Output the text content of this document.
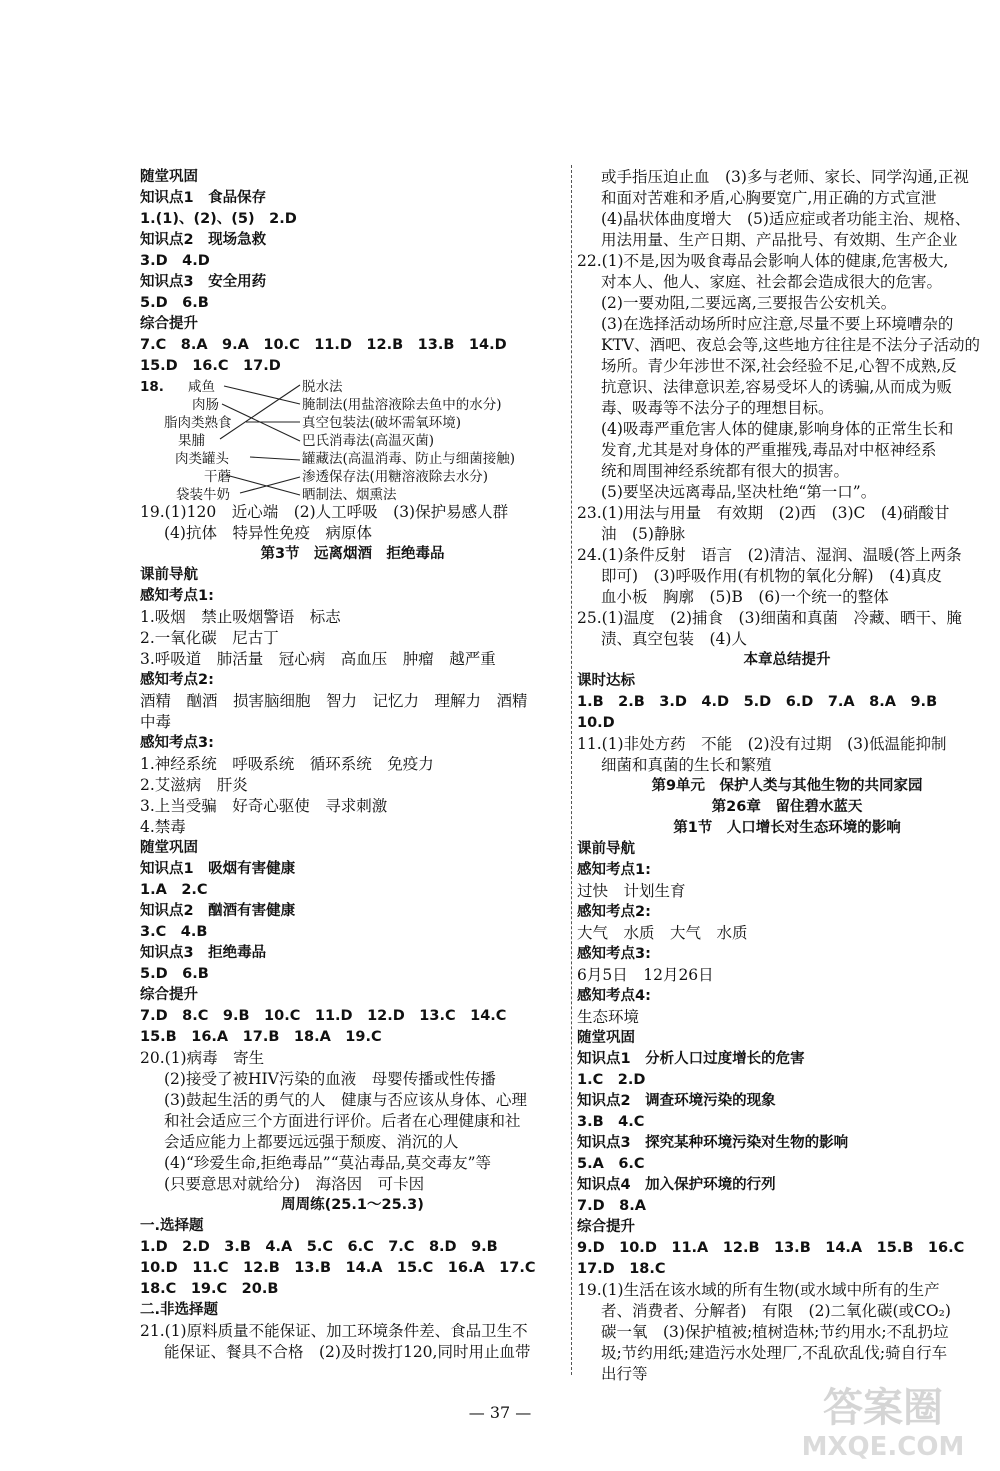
随堂巩固
知识点1　食品保存
1.(1)、(2)、(5)　2.D
知识点2　现场急救
3.D　4.D
知识点3　安全用药
5.D　6.B
综合提升
7.C　8.A　9.A　10.C　11.D　12.B　13.B　14.D
15.D　16.C　17.D
18. 咸鱼
肉肠
脂肉类熟食
果脯
肉类罐头
干蘑
袋装牛奶
脱水法
腌制法(用盐溶液除去鱼中的水分)
真空包装法(破坏需氧环境)
巴氏消毒法(高温灭菌)
罐藏法(高温消毒、防止与细菌接触)
渗透保存法(用糖溶液除去水分)
晒制法、烟熏法
19.(1)120　近心端　(2)人工呼吸　(3)保护易感人群
(4)抗体　特异性免疫　病原体
第3节　远离烟酒　拒绝毒品
课前导航
感知考点1:
1.吸烟　禁止吸烟警语　标志
2.一氧化碳　尼古丁
3.呼吸道　肺活量　冠心病　高血压　肿瘤　越严重
感知考点2:
酒精　酗酒　损害脑细胞　智力　记忆力　理解力　酒精
中毒
感知考点3:
1.神经系统　呼吸系统　循环系统　免疫力
2.艾滋病　肝炎
3.上当受骗　好奇心驱使　寻求刺激
4.禁毒
随堂巩固
知识点1　吸烟有害健康
1.A　2.C
知识点2　酗酒有害健康
3.C　4.B
知识点3　拒绝毒品
5.D　6.B
综合提升
7.D　8.C　9.B　10.C　11.D　12.D　13.C　14.C
15.B　16.A　17.B　18.A　19.C
20.(1)病毒　寄生
(2)接受了被HIV污染的血液　母婴传播或性传播
(3)鼓起生活的勇气的人　健康与否应该从身体、心理
和社会适应三个方面进行评价。后者在心理健康和社
会适应能力上都要远远强于颓废、消沉的人
(4)“珍爱生命,拒绝毒品”“莫沾毒品,莫交毒友”等
(只要意思对就给分)　海洛因　可卡因
周周练(25.1～25.3)
一.选择题
1.D　2.D　3.B　4.A　5.C　6.C　7.C　8.D　9.B
10.D　11.C　12.B　13.B　14.A　15.C　16.A　17.C
18.C　19.C　20.B
二.非选择题
21.(1)原料质量不能保证、加工环境条件差、食品卫生不
能保证、餐具不合格　(2)及时拨打120,同时用止血带
或手指压迫止血　(3)多与老师、家长、同学沟通,正视
和面对苦难和矛盾,心胸要宽广,用正确的方式宣泄
(4)晶状体曲度增大　(5)适应症或者功能主治、规格、
用法用量、生产日期、产品批号、有效期、生产企业
22.(1)不是,因为吸食毒品会影响人体的健康,危害极大,
对本人、他人、家庭、社会都会造成很大的危害。
(2)一要劝阻,二要远离,三要报告公安机关。
(3)在选择活动场所时应注意,尽量不要上环境嘈杂的
KTV、酒吧、夜总会等,这些地方往往是不法分子活动的
场所。青少年涉世不深,社会经验不足,心智不成熟,反
抗意识、法律意识差,容易受坏人的诱骗,从而成为贩
毒、吸毒等不法分子的理想目标。
(4)吸毒严重危害人体的健康,影响身体的正常生长和
发育,尤其是对身体的严重摧残,毒品对中枢神经系
统和周围神经系统都有很大的损害。
(5)要坚决远离毒品,坚决杜绝“第一口”。
23.(1)用法与用量　有效期　(2)西　(3)C　(4)硝酸甘
油　(5)静脉
24.(1)条件反射　语言　(2)清洁、湿润、温暖(答上两条
即可)　(3)呼吸作用(有机物的氧化分解)　(4)真皮
血小板　胸廓　(5)B　(6)一个统一的整体
25.(1)温度　(2)捕食　(3)细菌和真菌　冷藏、晒干、腌
渍、真空包装　(4)人
本章总结提升
课时达标
1.B　2.B　3.D　4.D　5.D　6.D　7.A　8.A　9.B
10.D
11.(1)非处方药　不能　(2)没有过期　(3)低温能抑制
细菌和真菌的生长和繁殖
第9单元　保护人类与其他生物的共同家园
第26章　留住碧水蓝天
第1节　人口增长对生态环境的影响
课前导航
感知考点1:
过快　计划生育
感知考点2:
大气　水质　大气　水质
感知考点3:
6月5日　12月26日
感知考点4:
生态环境
随堂巩固
知识点1　分析人口过度增长的危害
1.C　2.D
知识点2　调查环境污染的现象
3.B　4.C
知识点3　探究某种环境污染对生物的影响
5.A　6.C
知识点4　加入保护环境的行列
7.D　8.A
综合提升
9.D　10.D　11.A　12.B　13.B　14.A　15.B　16.C
17.D　18.C
19.(1)生活在该水域的所有生物(或水域中所有的生产
者、消费者、分解者)　有限　(2)二氧化碳(或CO₂)
碳一氧　(3)保护植被;植树造林;节约用水;不乱扔垃
圾;节约用纸;建造污水处理厂,不乱砍乱伐;骑自行车
出行等
— 37 —	答案圈
MXQE.COM
